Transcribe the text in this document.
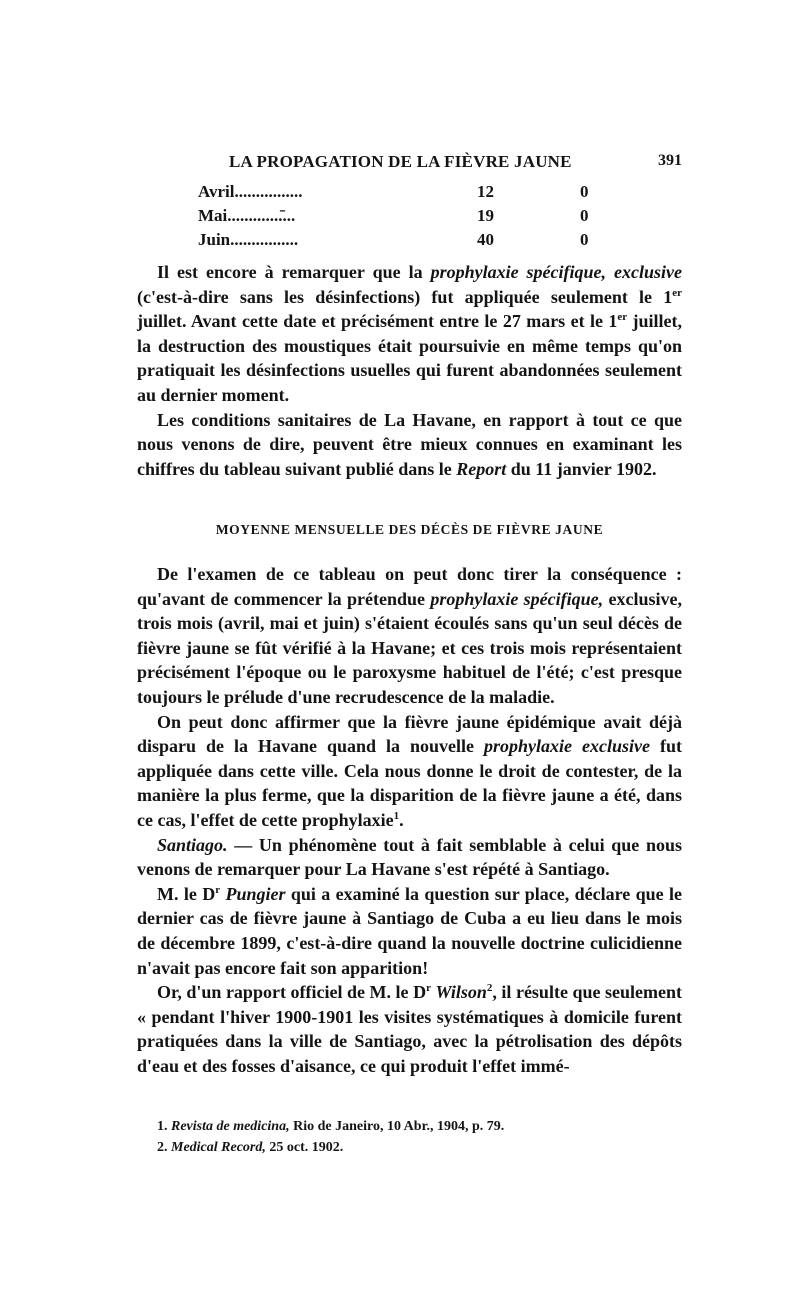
LA PROPAGATION DE LA FIÈVRE JAUNE	391
Avril................	12	0
Mai.............̄...	19	0
Juin................	40	0

Il est encore à remarquer que la prophylaxie spécifique, exclusive (c'est-à-dire sans les désinfections) fut appliquée seulement le 1er juillet. Avant cette date et précisément entre le 27 mars et le 1er juillet, la destruction des moustiques était poursuivie en même temps qu'on pratiquait les désinfections usuelles qui furent abandonnées seulement au dernier moment.

Les conditions sanitaires de La Havane, en rapport à tout ce que nous venons de dire, peuvent être mieux connues en examinant les chiffres du tableau suivant publié dans le Report du 11 janvier 1902.

MOYENNE MENSUELLE DES DÉCÈS DE FIÈVRE JAUNE

De l'examen de ce tableau on peut donc tirer la conséquence : qu'avant de commencer la prétendue prophylaxie spécifique, exclusive, trois mois (avril, mai et juin) s'étaient écoulés sans qu'un seul décès de fièvre jaune se fût vérifié à la Havane; et ces trois mois représentaient précisément l'époque ou le paroxysme habituel de l'été; c'est presque toujours le prélude d'une recrudescence de la maladie.

On peut donc affirmer que la fièvre jaune épidémique avait déjà disparu de la Havane quand la nouvelle prophylaxie exclusive fut appliquée dans cette ville. Cela nous donne le droit de contester, de la manière la plus ferme, que la disparition de la fièvre jaune a été, dans ce cas, l'effet de cette prophylaxie$^1$.

Santiago. — Un phénomène tout à fait semblable à celui que nous venons de remarquer pour La Havane s'est répété à Santiago.

M. le $D^r$ Pungier qui a examiné la question sur place, déclare que le dernier cas de fièvre jaune à Santiago de Cuba a eu lieu dans le mois de décembre 1899, c'est-à-dire quand la nouvelle doctrine culicidienne n'avait pas encore fait son apparition!

Or, d'un rapport officiel de M. le $D^r$ Wilson$^2$, il résulte que seulement « pendant l'hiver 1900-1901 les visites systématiques à domicile furent pratiquées dans la ville de Santiago, avec la pétrolisation des dépôts d'eau et des fosses d'aisance, ce qui produit l'effet immé-

1. Revista de medicina, Rio de Janeiro, 10 Abr., 1904, p. 79.

2. Medical Record, 25 oct. 1902.
